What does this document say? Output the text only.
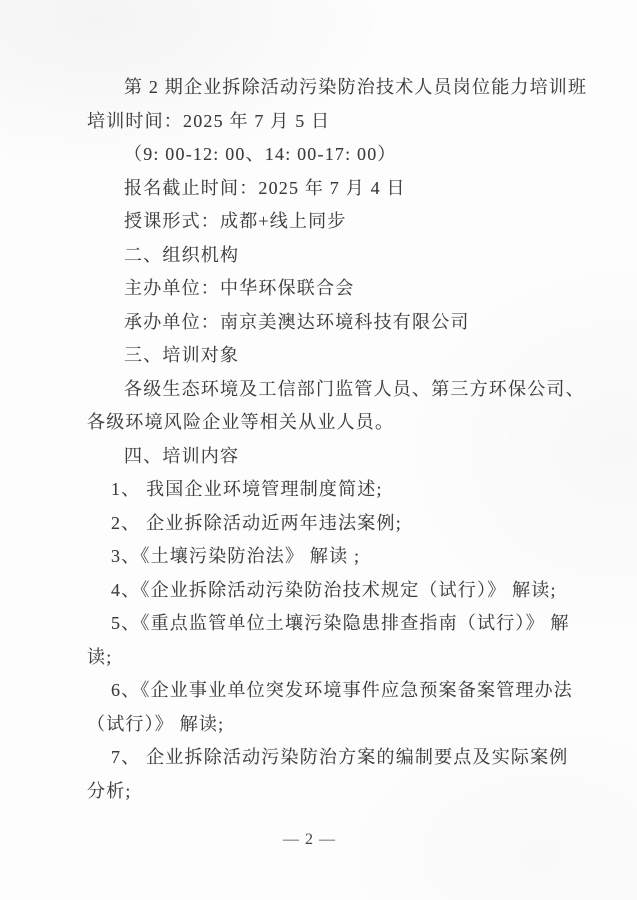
第 2 期企业拆除活动污染防治技术人员岗位能力培训班
培训时间：2025 年 7 月 5 日
（9: 00-12: 00、14: 00-17: 00）
报名截止时间：2025 年 7 月 4 日
授课形式：成都+线上同步
二、组织机构
主办单位：中华环保联合会
承办单位：南京美澳达环境科技有限公司
三、培训对象
各级生态环境及工信部门监管人员、第三方环保公司、
各级环境风险企业等相关从业人员。
四、培训内容
1、 我国企业环境管理制度简述;
2、 企业拆除活动近两年违法案例;
3、《土壤污染防治法》 解读 ;
4、《企业拆除活动污染防治技术规定（试行）》 解读;
5、《重点监管单位土壤污染隐患排查指南（试行）》 解
读;
6、《企业事业单位突发环境事件应急预案备案管理办法
（试行）》 解读;
7、 企业拆除活动污染防治方案的编制要点及实际案例
分析;
— 2 —
